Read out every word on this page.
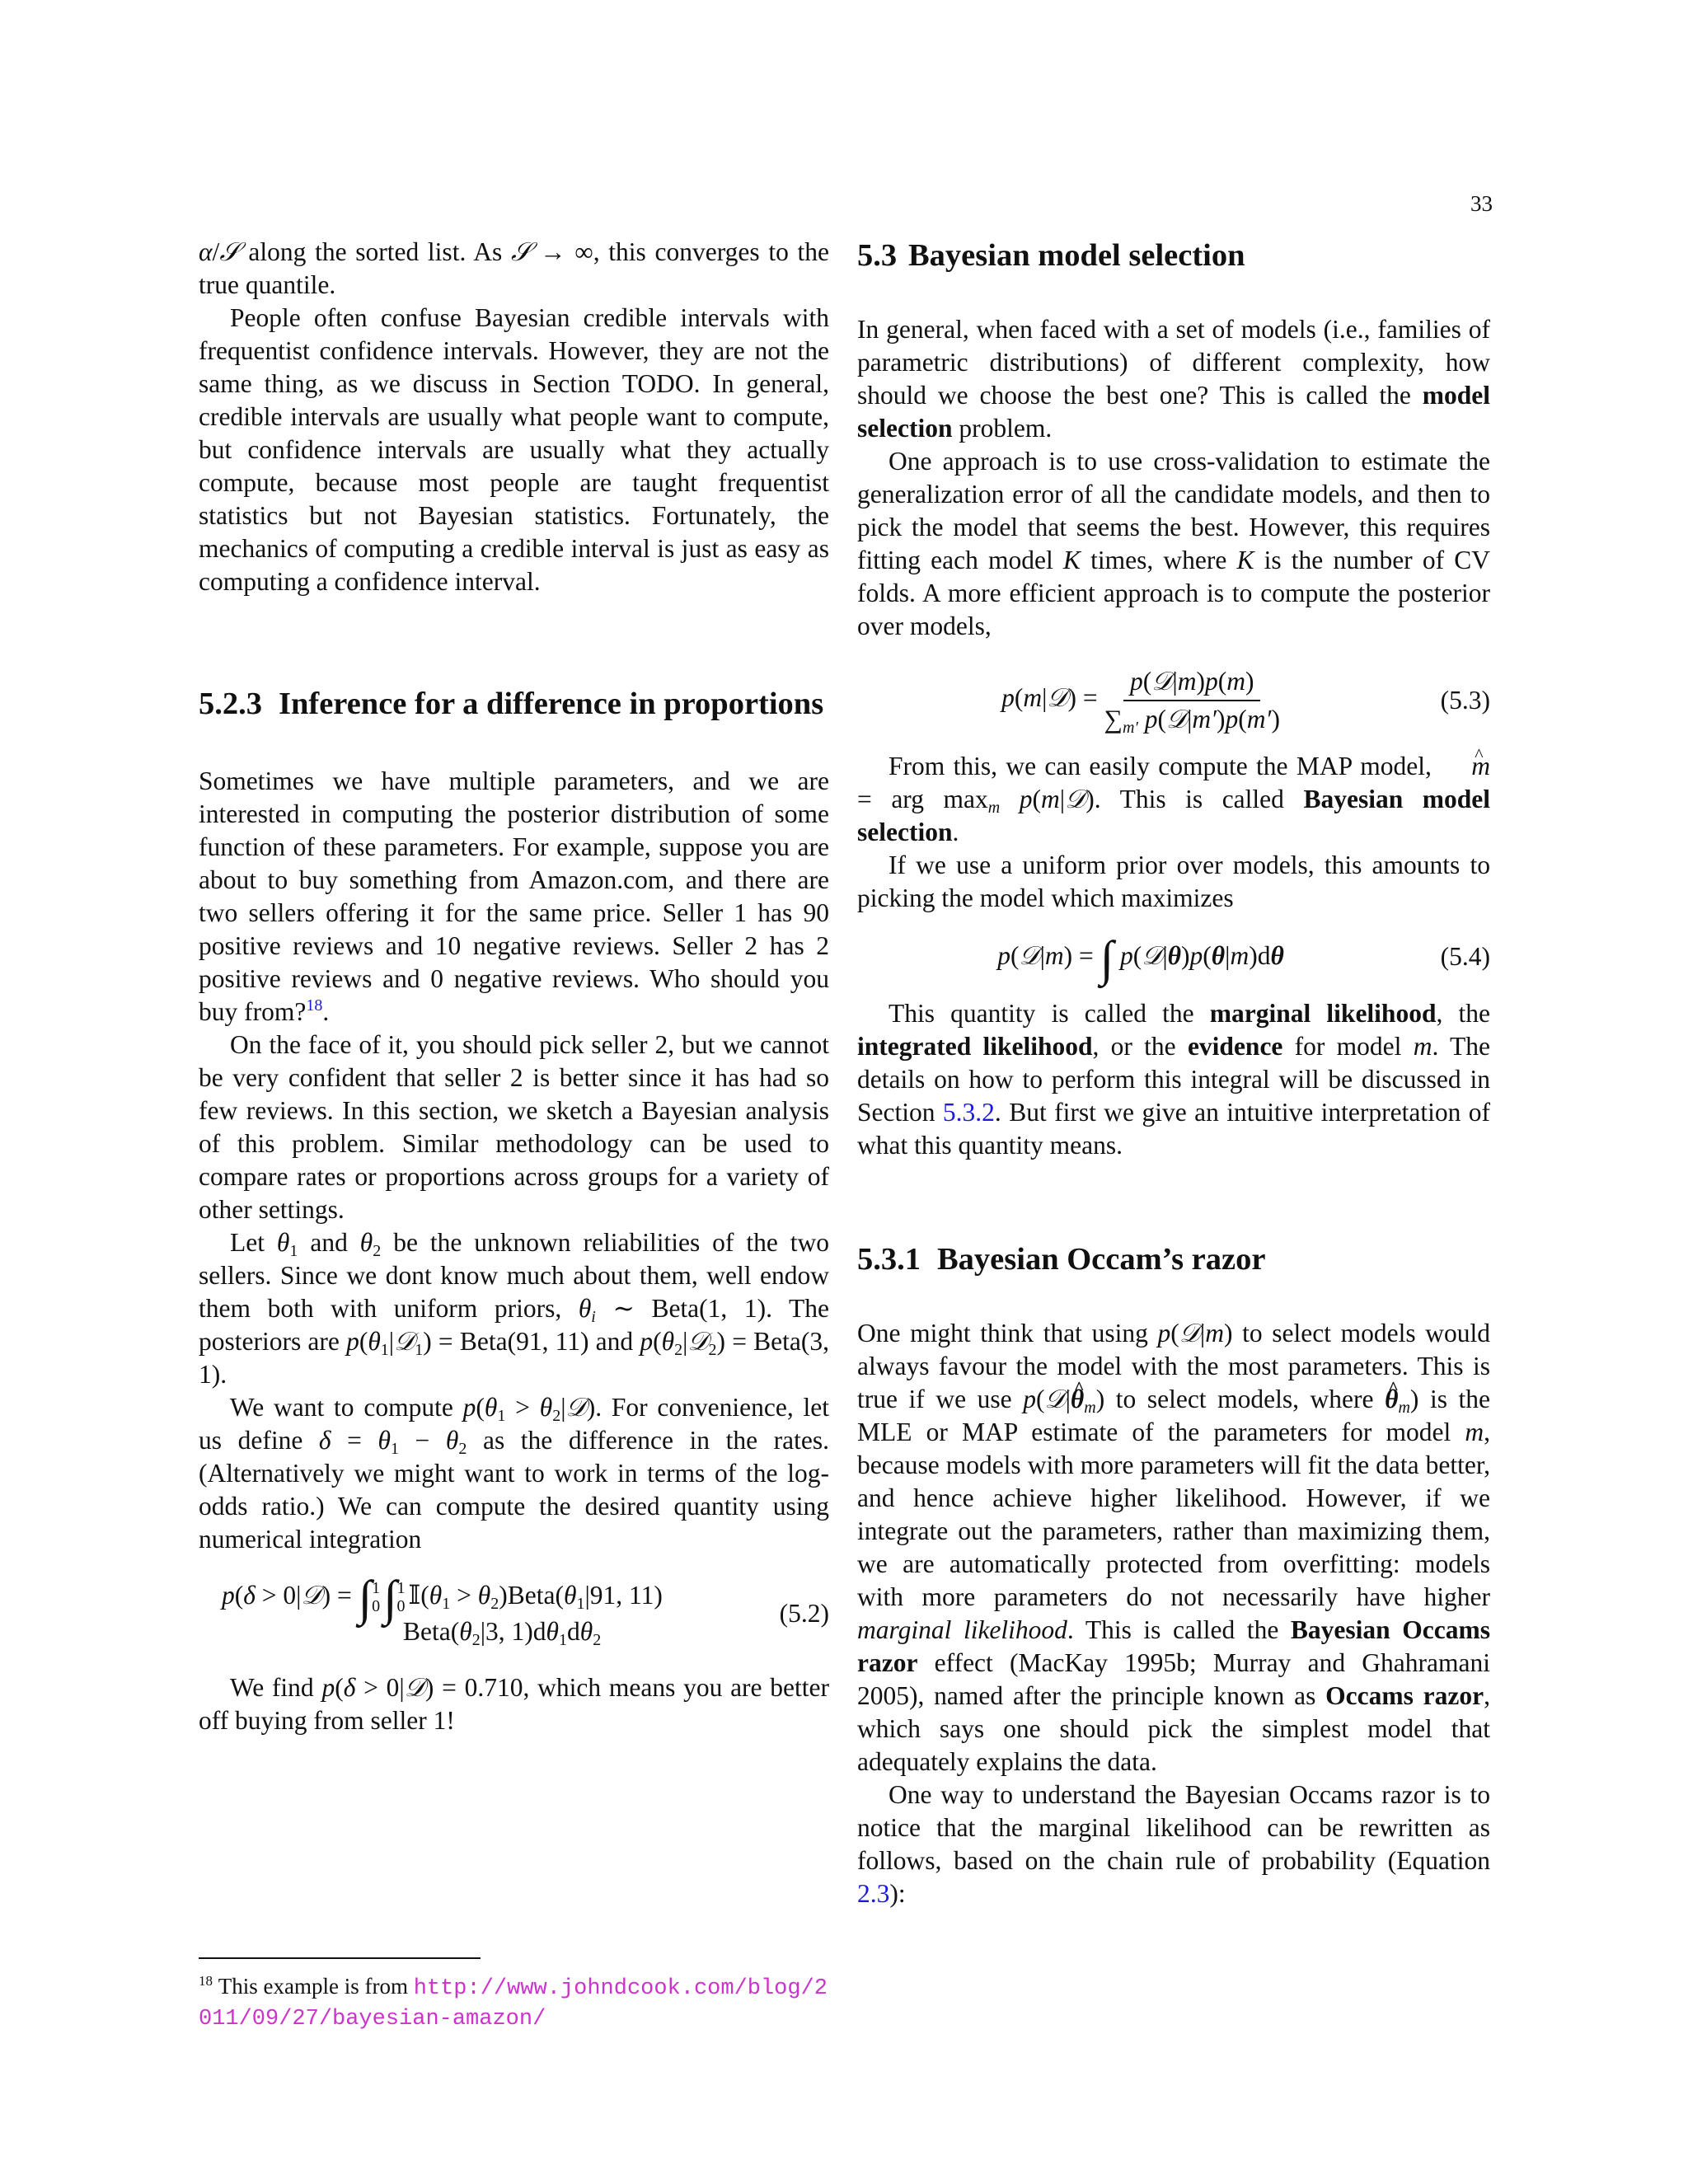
33

α/𝒮 along the sorted list. As 𝒮 → ∞, this converges to the true quantile.

People often confuse Bayesian credible intervals with frequentist confidence intervals. However, they are not the same thing, as we discuss in Section TODO. In general, credible intervals are usually what people want to compute, but confidence intervals are usually what they actually compute, because most people are taught frequentist statistics but not Bayesian statistics. Fortunately, the mechanics of computing a credible interval is just as easy as computing a confidence interval.

5.2.3 Inference for a difference in proportions

Sometimes we have multiple parameters, and we are interested in computing the posterior distribution of some function of these parameters. For example, suppose you are about to buy something from Amazon.com, and there are two sellers offering it for the same price. Seller 1 has 90 positive reviews and 10 negative reviews. Seller 2 has 2 positive reviews and 0 negative reviews. Who should you buy from?$^{18}$.

On the face of it, you should pick seller 2, but we cannot be very confident that seller 2 is better since it has had so few reviews. In this section, we sketch a Bayesian analysis of this problem. Similar methodology can be used to compare rates or proportions across groups for a variety of other settings.

Let $\theta_1$ and $\theta_2$ be the unknown reliabilities of the two sellers. Since we dont know much about them, well endow them both with uniform priors, $\theta_i$ ∼ Beta(1, 1). The posteriors are $p(\theta_1|𝒟_1)$ = Beta(91, 11) and $p(\theta_2|𝒟_2)$ = Beta(3, 1).

We want to compute $p(\theta_1$ > $\theta_2|𝒟$). For convenience, let us define $\delta = \theta_1 - \theta_2$ as the difference in the rates. (Alternatively we might want to work in terms of the log-odds ratio.) We can compute the desired quantity using numerical integration

p(δ > 0|𝒟) = ∫ 1
0 ∫ 1
0 $𝕀(\theta_1$ > $\theta_2)Beta(\theta_1|91$, 11)
$Beta(\theta_2|3$, $1)d\theta_1d\theta_2$
(5.2)

We find p(δ > 0|𝒟) = 0.710, which means you are better off buying from seller 1!

$^{18}$ This example is from http://www.johndcook.com/blog/2011/09/27/bayesian-amazon/
5.3 Bayesian model selection

In general, when faced with a set of models (i.e., families of parametric distributions) of different complexity, how should we choose the best one? This is called the model selection problem.

One approach is to use cross-validation to estimate the generalization error of all the candidate models, and then to pick the model that seems the best. However, this requires fitting each model K times, where K is the number of CV folds. A more efficient approach is to compute the posterior over models,

p(m|𝒟) = $\frac{\text{p(𝒟|m)p(m)}}{\sum_{m'} p(𝒟|m')p(m')}$	(5.3)

From this, we can easily compute the MAP model, ^ m = arg $\max_m$ p(m|𝒟). This is called Bayesian model selection.

If we use a uniform prior over models, this amounts to picking the model which maximizes

p(𝒟|m) = ∫ p(𝒟|θ)p(θ|m)dθ	(5.4)

This quantity is called the marginal likelihood, the integrated likelihood, or the evidence for model m. The details on how to perform this integral will be discussed in Section 5.3.2. But first we give an intuitive interpretation of what this quantity means.

5.3.1 Bayesian Occam’s razor

One might think that using p(𝒟|m) to select models would always favour the model with the most parameters. This is true if we use p(𝒟|^ $\theta_m$) to select models, where ^ $\theta_m$) is the MLE or MAP estimate of the parameters for model m, because models with more parameters will fit the data better, and hence achieve higher likelihood. However, if we integrate out the parameters, rather than maximizing them, we are automatically protected from overfitting: models with more parameters do not necessarily have higher marginal likelihood. This is called the Bayesian Occams razor effect (MacKay 1995b; Murray and Ghahramani 2005), named after the principle known as Occams razor, which says one should pick the simplest model that adequately explains the data.

One way to understand the Bayesian Occams razor is to notice that the marginal likelihood can be rewritten as follows, based on the chain rule of probability (Equation 2.3):
